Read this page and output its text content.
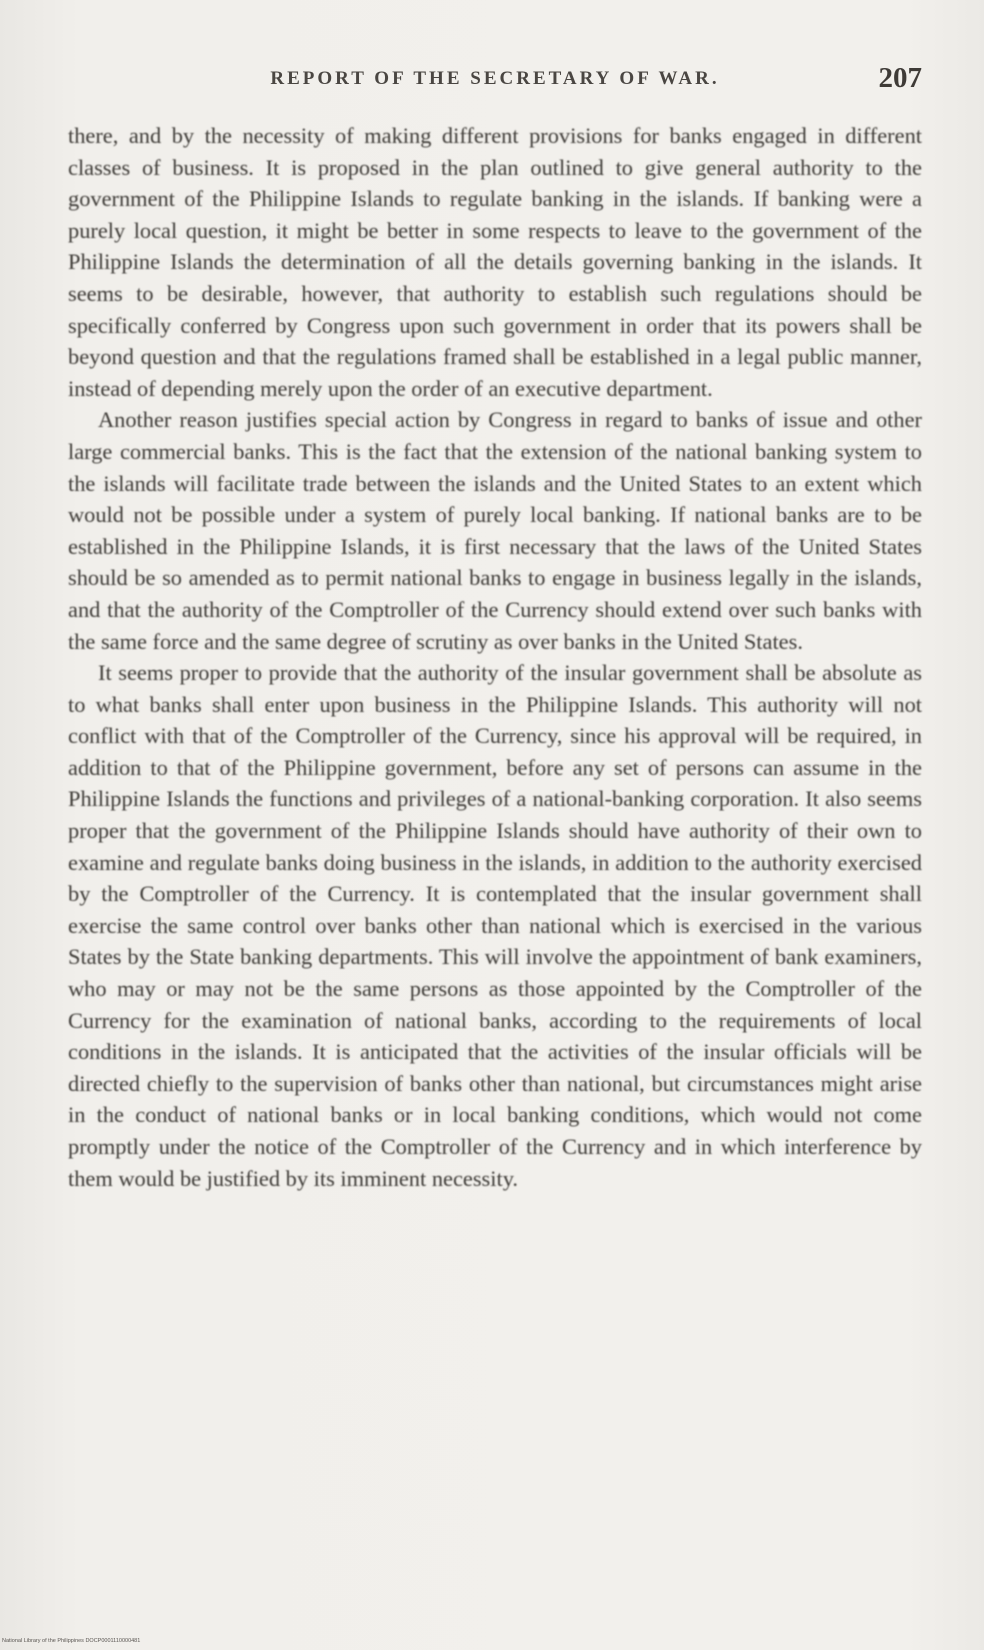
REPORT OF THE SECRETARY OF WAR.	207

there, and by the necessity of making different provisions for banks engaged in different classes of business. It is proposed in the plan outlined to give general authority to the government of the Philippine Islands to regulate banking in the islands. If banking were a purely local question, it might be better in some respects to leave to the government of the Philippine Islands the determination of all the details governing banking in the islands. It seems to be desirable, however, that authority to establish such regulations should be specifically conferred by Congress upon such government in order that its powers shall be beyond question and that the regulations framed shall be established in a legal public manner, instead of depending merely upon the order of an executive department.

Another reason justifies special action by Congress in regard to banks of issue and other large commercial banks. This is the fact that the extension of the national banking system to the islands will facilitate trade between the islands and the United States to an extent which would not be possible under a system of purely local banking. If national banks are to be established in the Philippine Islands, it is first necessary that the laws of the United States should be so amended as to permit national banks to engage in business legally in the islands, and that the authority of the Comptroller of the Currency should extend over such banks with the same force and the same degree of scrutiny as over banks in the United States.

It seems proper to provide that the authority of the insular government shall be absolute as to what banks shall enter upon business in the Philippine Islands. This authority will not conflict with that of the Comptroller of the Currency, since his approval will be required, in addition to that of the Philippine government, before any set of persons can assume in the Philippine Islands the functions and privileges of a national-banking corporation. It also seems proper that the government of the Philippine Islands should have authority of their own to examine and regulate banks doing business in the islands, in addition to the authority exercised by the Comptroller of the Currency. It is contemplated that the insular government shall exercise the same control over banks other than national which is exercised in the various States by the State banking departments. This will involve the appointment of bank examiners, who may or may not be the same persons as those appointed by the Comptroller of the Currency for the examination of national banks, according to the requirements of local conditions in the islands. It is anticipated that the activities of the insular officials will be directed chiefly to the supervision of banks other than national, but circumstances might arise in the conduct of national banks or in local banking conditions, which would not come promptly under the notice of the Comptroller of the Currency and in which interference by them would be justified by its imminent necessity.

National Library of the Philippines DOCP0001110000481
